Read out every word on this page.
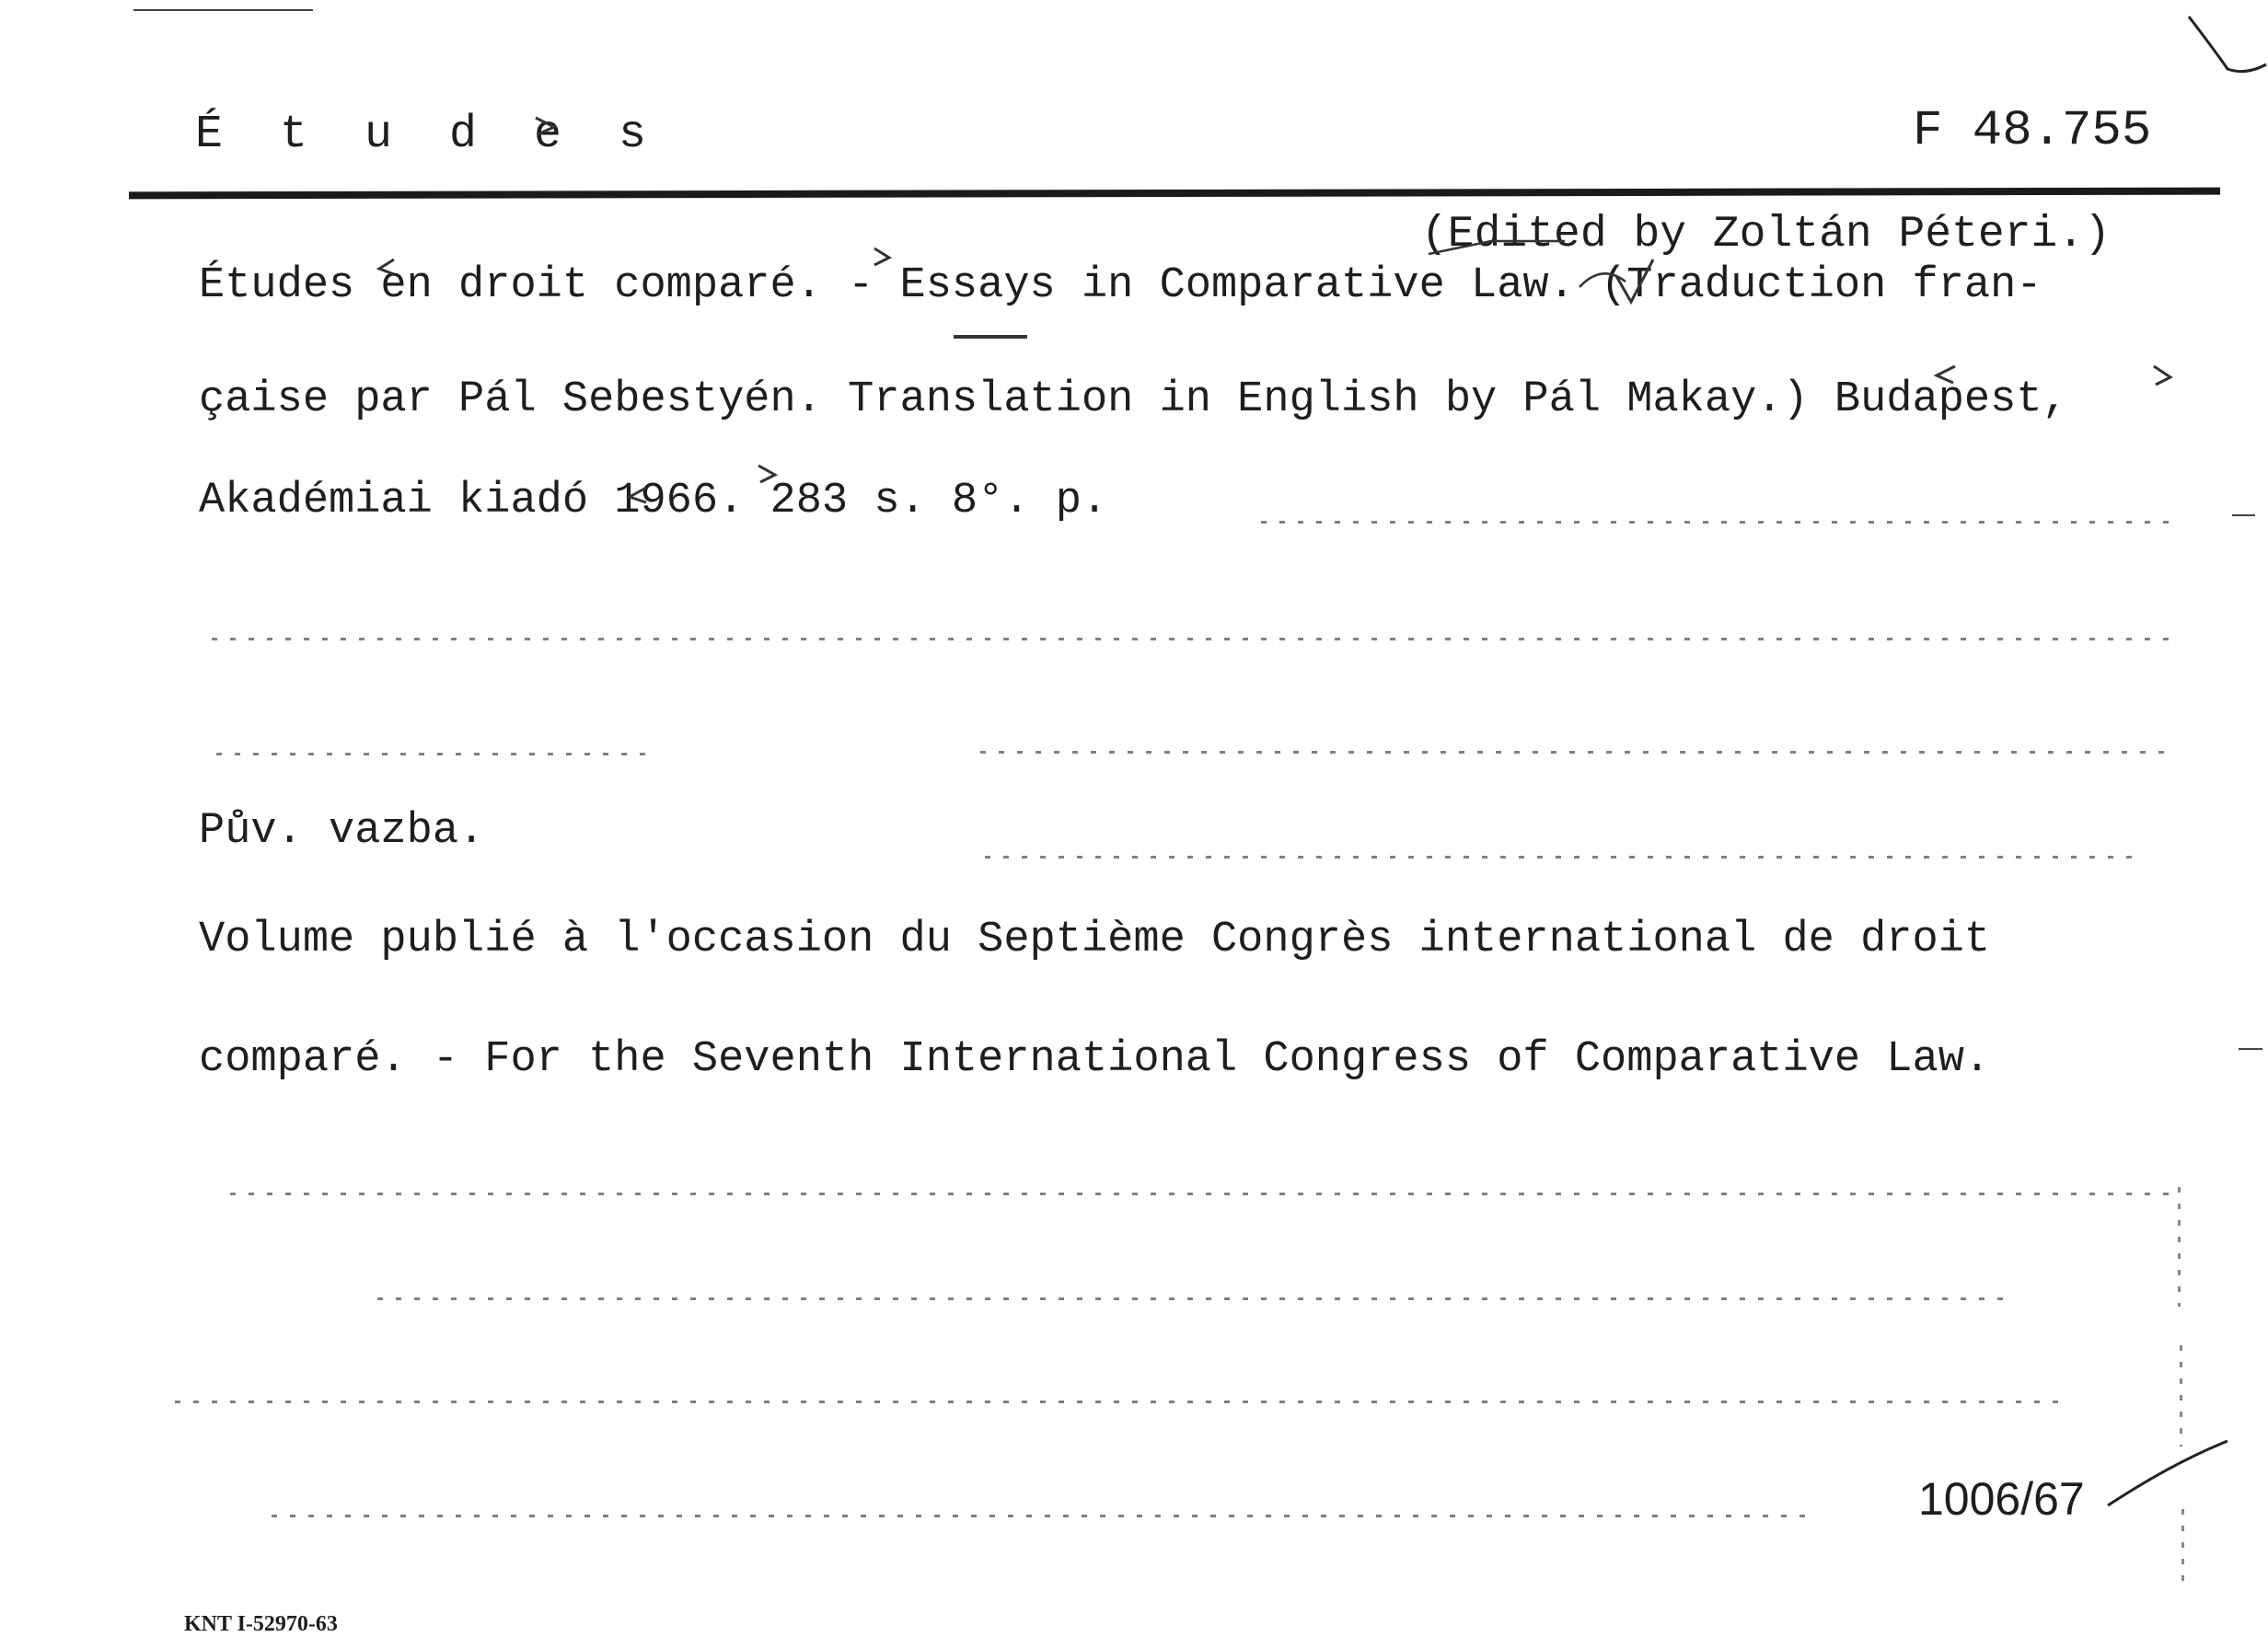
É t u d e s	F 48.755
(Edited by Zoltán Péteri.)
Études en droit comparé. - Essays in Comparative Law. (Traduction fran-
çaise par Pál Sebestyén. Translation in English by Pál Makay.) Budapest,
Akadémiai kiadó 1966. 283 s. 8°. p.
Pův. vazba.
Volume publié à l'occasion du Septième Congrès international de droit
comparé. - For the Seventh International Congress of Comparative Law.
1006/67
KNT I-52970-63
